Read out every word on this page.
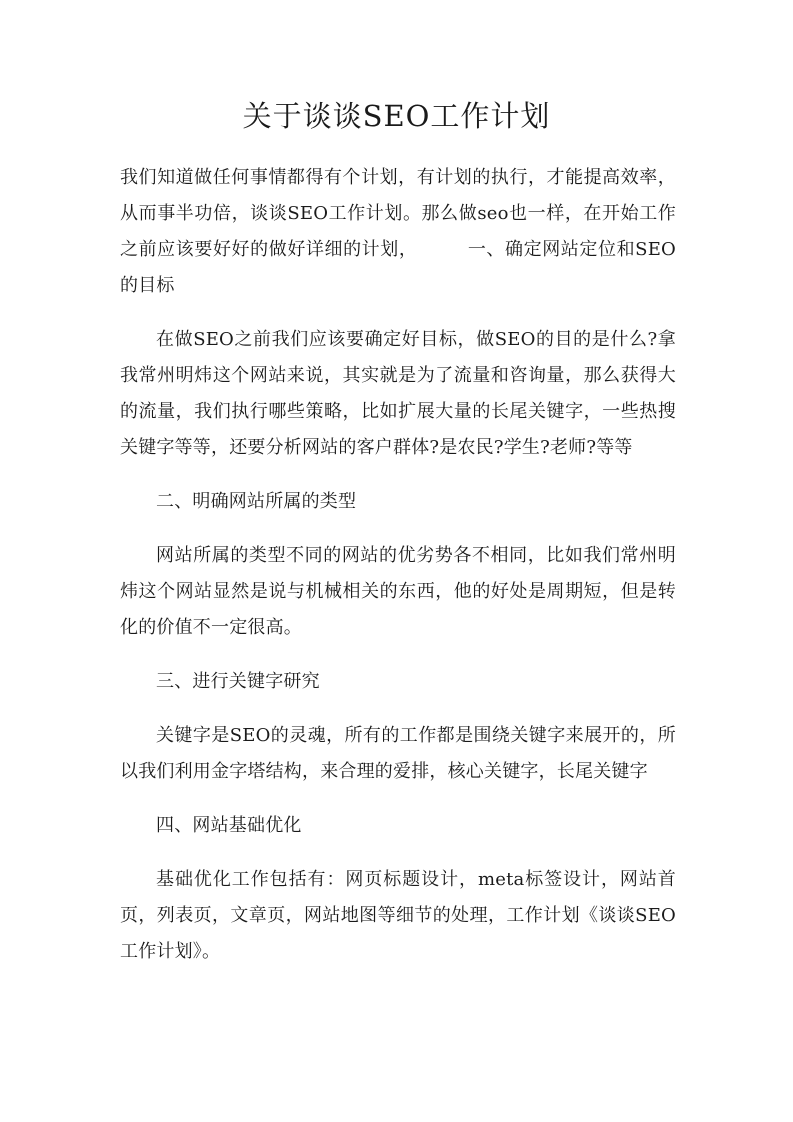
关于谈谈SEO工作计划

我们知道做任何事情都得有个计划，有计划的执行，才能提高效率，从而事半功倍，谈谈SEO工作计划。那么做seo也一样，在开始工作之前应该要好好的做好详细的计划，	一、确定网站定位和SEO的目标

在做SEO之前我们应该要确定好目标，做SEO的目的是什么?拿我常州明炜这个网站来说，其实就是为了流量和咨询量，那么获得大的流量，我们执行哪些策略，比如扩展大量的长尾关键字，一些热搜关键字等等，还要分析网站的客户群体?是农民?学生?老师?等等

二、明确网站所属的类型

网站所属的类型不同的网站的优劣势各不相同，比如我们常州明炜这个网站显然是说与机械相关的东西，他的好处是周期短，但是转化的价值不一定很高。

三、进行关键字研究

关键字是SEO的灵魂，所有的工作都是围绕关键字来展开的，所以我们利用金字塔结构，来合理的爱排，核心关键字，长尾关键字

四、网站基础优化

基础优化工作包括有：网页标题设计，meta标签设计，网站首页，列表页，文章页，网站地图等细节的处理，工作计划《谈谈SEO工作计划》。
